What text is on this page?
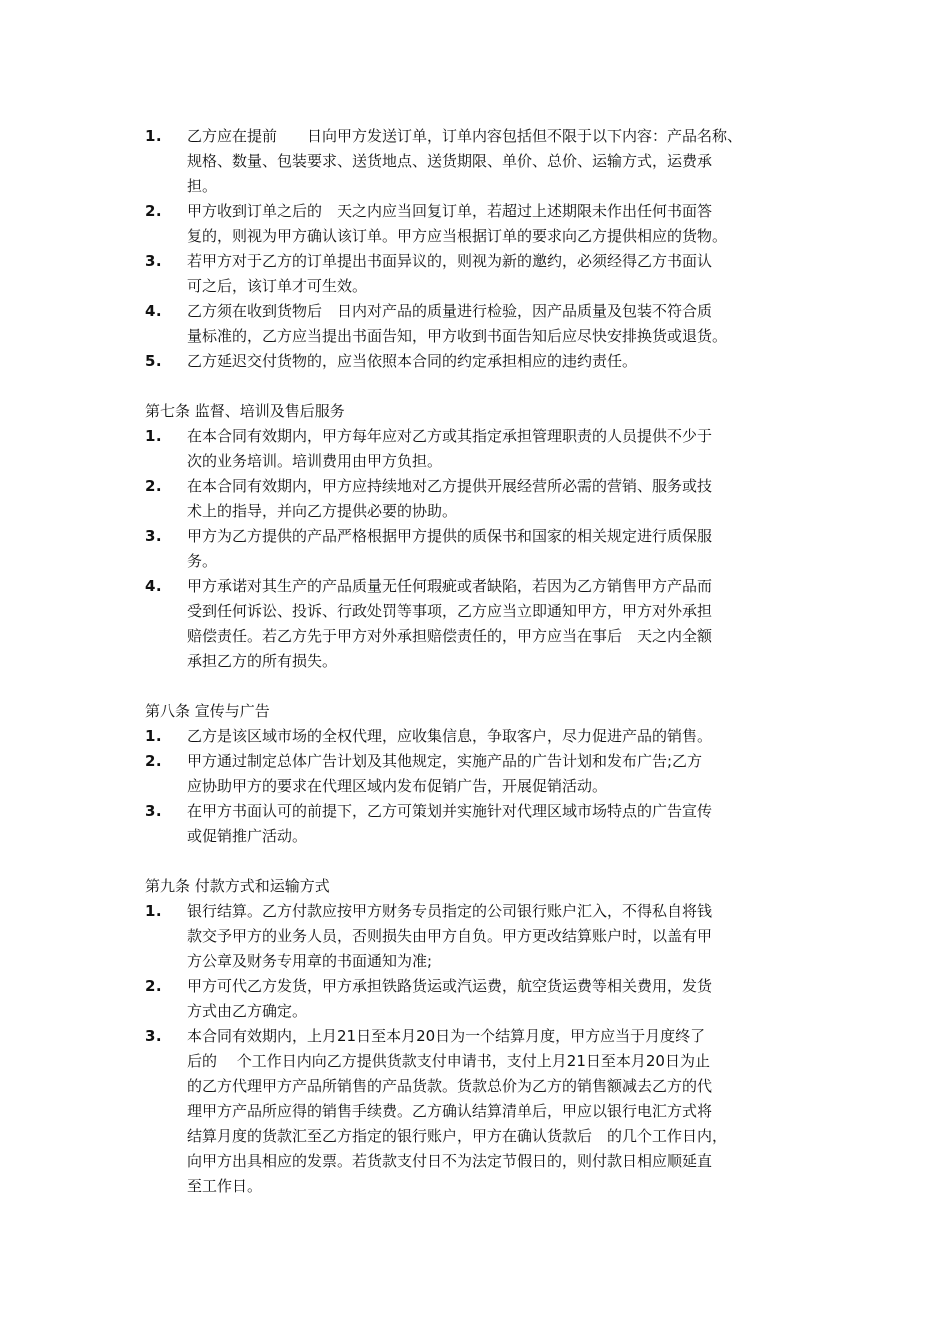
1.	乙方应在提前　　日向甲方发送订单，订单内容包括但不限于以下内容：产品名称、
规格、数量、包装要求、送货地点、送货期限、单价、总价、运输方式，运费承
担。
2.	甲方收到订单之后的　天之内应当回复订单，若超过上述期限未作出任何书面答
复的，则视为甲方确认该订单。甲方应当根据订单的要求向乙方提供相应的货物。
3.	若甲方对于乙方的订单提出书面异议的，则视为新的邀约，必须经得乙方书面认
可之后，该订单才可生效。
4.	乙方须在收到货物后　日内对产品的质量进行检验，因产品质量及包装不符合质
量标准的，乙方应当提出书面告知，甲方收到书面告知后应尽快安排换货或退货。
5.	乙方延迟交付货物的，应当依照本合同的约定承担相应的违约责任。
第七条 监督、培训及售后服务
1.	在本合同有效期内，甲方每年应对乙方或其指定承担管理职责的人员提供不少于
次的业务培训。培训费用由甲方负担。
2.	在本合同有效期内，甲方应持续地对乙方提供开展经营所必需的营销、服务或技
术上的指导，并向乙方提供必要的协助。
3.	甲方为乙方提供的产品严格根据甲方提供的质保书和国家的相关规定进行质保服
务。
4.	甲方承诺对其生产的产品质量无任何瑕疵或者缺陷，若因为乙方销售甲方产品而
受到任何诉讼、投诉、行政处罚等事项，乙方应当立即通知甲方，甲方对外承担
赔偿责任。若乙方先于甲方对外承担赔偿责任的，甲方应当在事后　天之内全额
承担乙方的所有损失。
第八条 宣传与广告
1.	乙方是该区域市场的全权代理，应收集信息，争取客户，尽力促进产品的销售。
2.	甲方通过制定总体广告计划及其他规定，实施产品的广告计划和发布广告;乙方
应协助甲方的要求在代理区域内发布促销广告，开展促销活动。
3.	在甲方书面认可的前提下，乙方可策划并实施针对代理区域市场特点的广告宣传
或促销推广活动。
第九条 付款方式和运输方式
1.	银行结算。乙方付款应按甲方财务专员指定的公司银行账户汇入，不得私自将钱
款交予甲方的业务人员，否则损失由甲方自负。甲方更改结算账户时，以盖有甲
方公章及财务专用章的书面通知为准;
2.	甲方可代乙方发货，甲方承担铁路货运或汽运费，航空货运费等相关费用，发货
方式由乙方确定。
3.	本合同有效期内，上月21日至本月20日为一个结算月度，甲方应当于月度终了
后的　 个工作日内向乙方提供货款支付申请书，支付上月21日至本月20日为止
的乙方代理甲方产品所销售的产品货款。货款总价为乙方的销售额减去乙方的代
理甲方产品所应得的销售手续费。乙方确认结算清单后，甲应以银行电汇方式将
结算月度的货款汇至乙方指定的银行账户，甲方在确认货款后　的几个工作日内，
向甲方出具相应的发票。若货款支付日不为法定节假日的，则付款日相应顺延直
至工作日。
